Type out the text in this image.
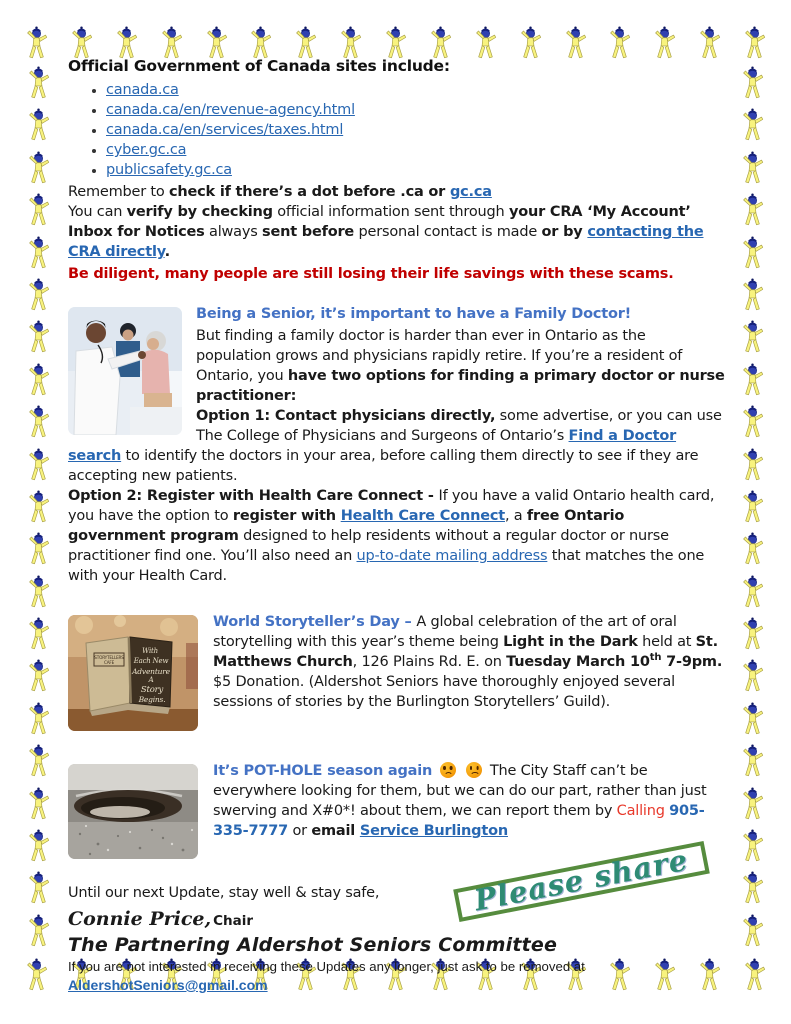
Official Government of Canada sites include:
• canada.ca
• canada.ca/en/revenue-agency.html
• canada.ca/en/services/taxes.html
• cyber.gc.ca
• publicsafety.gc.ca
Remember to check if there’s a dot before .ca or gc.ca
You can verify by checking official information sent through your CRA ‘My Account’ Inbox for Notices always sent before personal contact is made or by contacting the CRA directly.
Be diligent, many people are still losing their life savings with these scams.
Being a Senior, it’s important to have a Family Doctor!
But finding a family doctor is harder than ever in Ontario as the population grows and physicians rapidly retire. If you’re a resident of Ontario, you have two options for finding a primary doctor or nurse practitioner:
Option 1: Contact physicians directly, some advertise, or you can use The College of Physicians and Surgeons of Ontario’s Find a Doctor search to identify the doctors in your area, before calling them directly to see if they are accepting new patients.
Option 2: Register with Health Care Connect - If you have a valid Ontario health card, you have the option to register with Health Care Connect, a free Ontario government program designed to help residents without a regular doctor or nurse practitioner find one. You’ll also need an up-to-date mailing address that matches the one with your Health Card.
STORYTELLERS
CAFE
With
Each New
Adventure
A
Story
Begins.
World Storyteller’s Day – A global celebration of the art of oral storytelling with this year’s theme being Light in the Dark held at St. Matthews Church, 126 Plains Rd. E. on Tuesday March 10th 7-9pm. $5 Donation. (Aldershot Seniors have thoroughly enjoyed several sessions of stories by the Burlington Storytellers’ Guild).
It’s POT-HOLE season again	The City Staff can’t be everywhere looking for them, but we can do our part, rather than just swerving and X#0*! about them, we can report them by Calling 905-335-7777 or email Service Burlington
Please share

Until our next Update, stay well & stay safe,

Connie Price, Chair

The Partnering Aldershot Seniors Committee

If you are not interested in receiving these Updates any longer, just ask to be removed at

AldershotSeniors@gmail.com
